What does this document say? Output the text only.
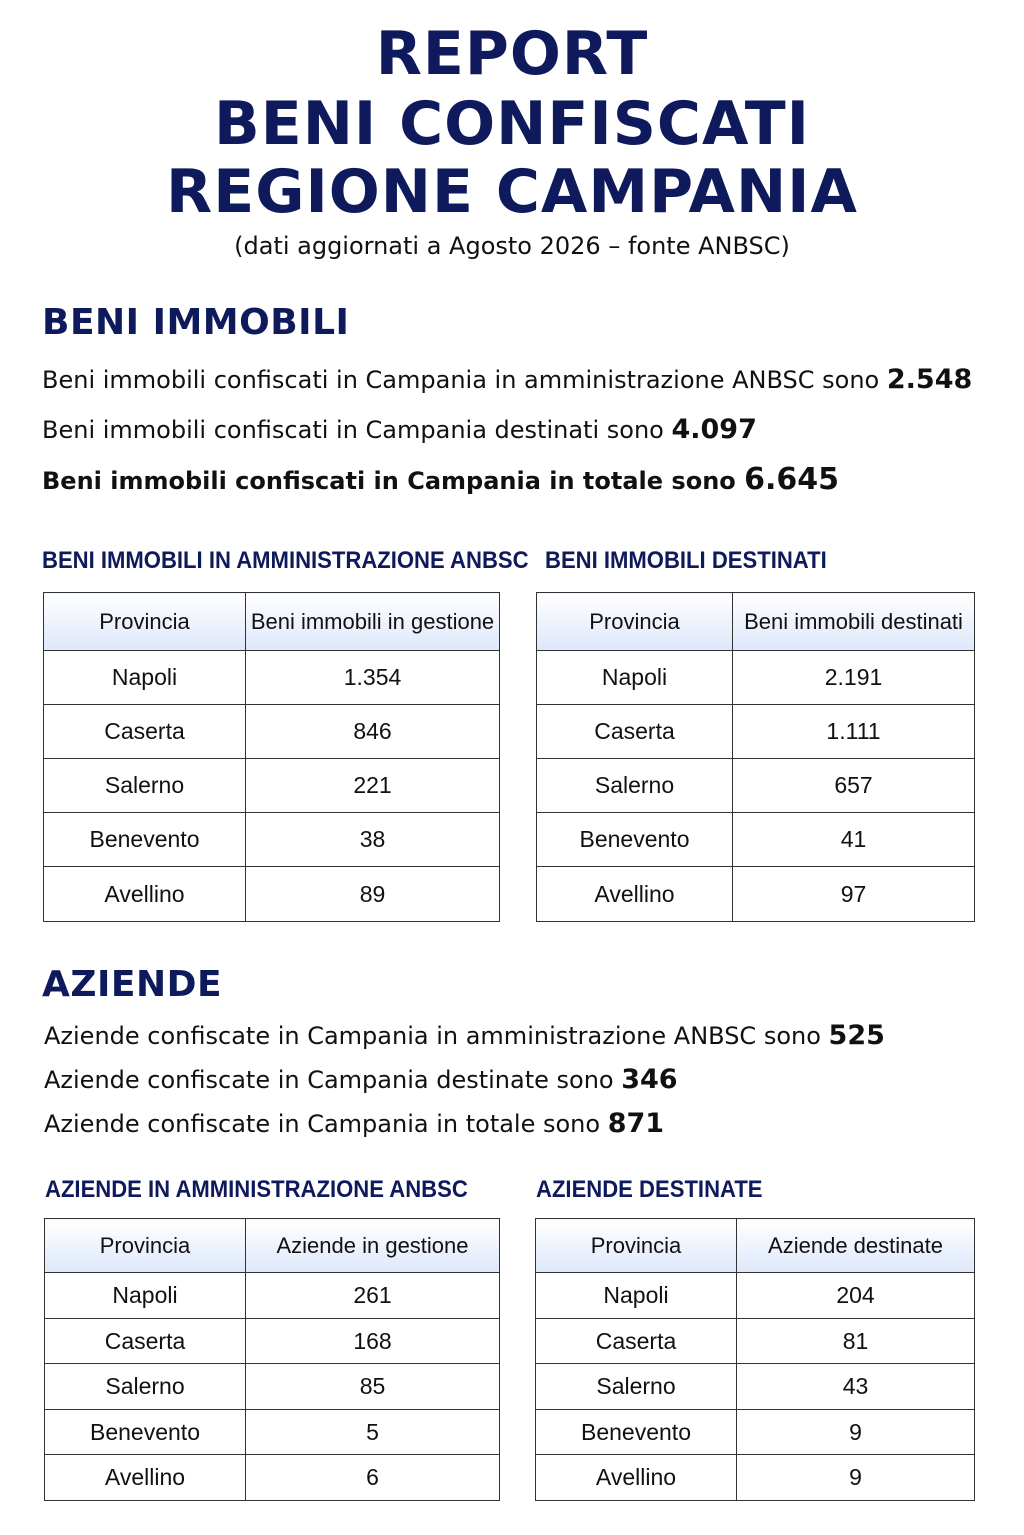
REPORT
BENI CONFISCATI
REGIONE CAMPANIA
(dati aggiornati a Agosto 2026 – fonte ANBSC)
BENI IMMOBILI
Beni immobili confiscati in Campania in amministrazione ANBSC sono 2.548
Beni immobili confiscati in Campania destinati sono 4.097
Beni immobili confiscati in Campania in totale sono 6.645
BENI IMMOBILI IN AMMINISTRAZIONE ANBSC BENI IMMOBILI DESTINATI
Provincia	Beni immobili in gestione
Napoli	1.354
Caserta	846
Salerno	221
Benevento	38
Avellino	89
Provincia	Beni immobili destinati
Napoli	2.191
Caserta	1.111
Salerno	657
Benevento	41
Avellino	97
AZIENDE
Aziende confiscate in Campania in amministrazione ANBSC sono 525
Aziende confiscate in Campania destinate sono 346
Aziende confiscate in Campania in totale sono 871
AZIENDE IN AMMINISTRAZIONE ANBSC	AZIENDE DESTINATE
Provincia	Aziende in gestione
Napoli	261
Caserta	168
Salerno	85
Benevento	5
Avellino	6
Provincia	Aziende destinate
Napoli	204
Caserta	81
Salerno	43
Benevento	9
Avellino	9
